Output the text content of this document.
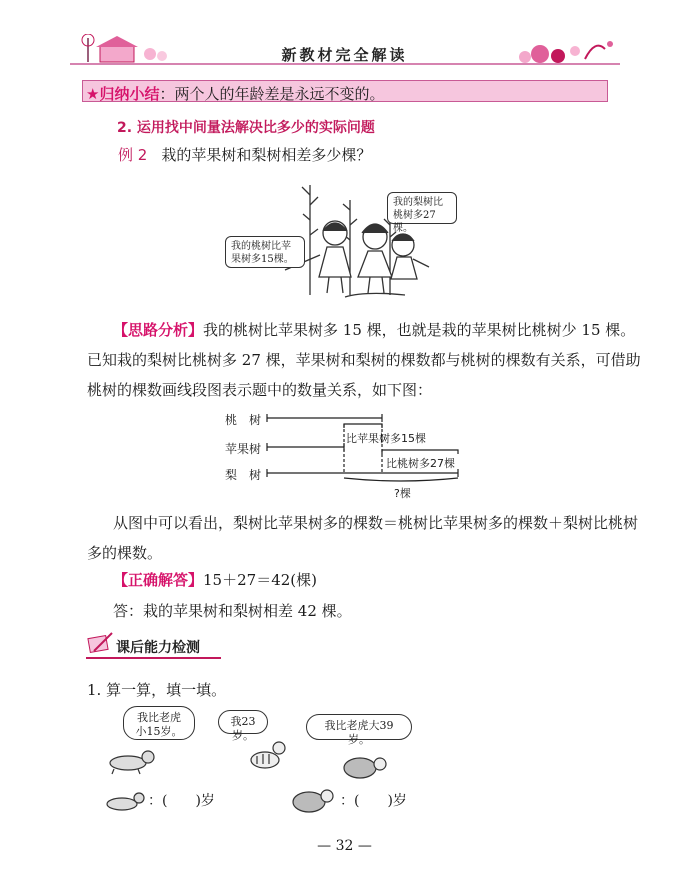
新教材完全解读
★归纳小结：两个人的年龄差是永远不变的。
2. 运用找中间量法解决比多少的实际问题
例 2 栽的苹果树和梨树相差多少棵？
我的桃树比苹果树多15棵。
我的梨树比桃树多27棵。
【思路分析】我的桃树比苹果树多 15 棵，也就是栽的苹果树比桃树少 15 棵。已知栽的梨树比桃树多 27 棵，苹果树和梨树的棵数都与桃树的棵数有关系，可借助桃树的棵数画线段图表示题中的数量关系，如下图：
桃　树
苹果树
梨　树
比苹果树多15棵
比桃树多27棵
?棵
从图中可以看出，梨树比苹果树多的棵数＝桃树比苹果树多的棵数＋梨树比桃树多的棵数。
【正确解答】15＋27＝42(棵)
答：栽的苹果树和梨树相差 42 棵。
课后能力检测
1. 算一算，填一填。
我比老虎小15岁。
我23岁。
我比老虎大39岁。
：(　　)岁	：(　　)岁
— 32 —
